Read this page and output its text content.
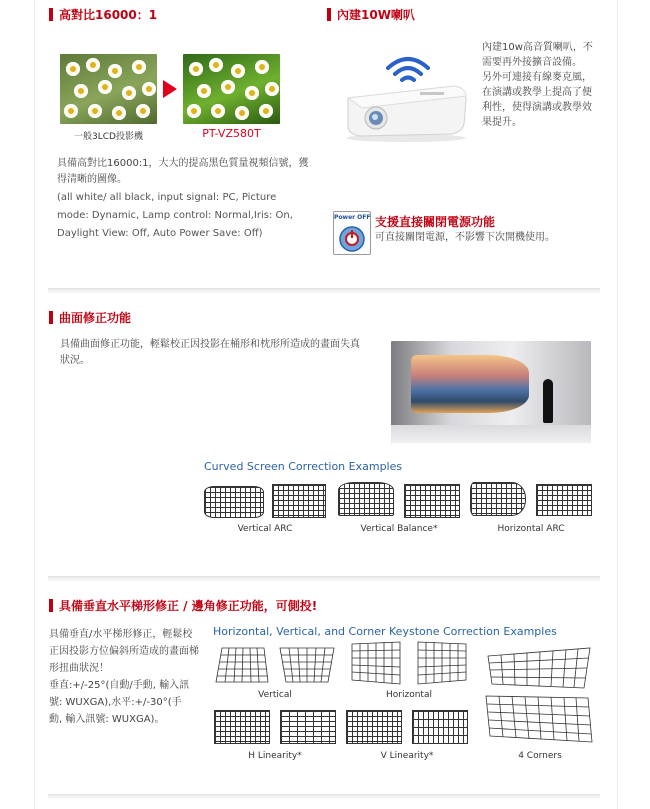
高對比16000：1
一般3LCD投影機	PT-VZ580T
具備高對比16000:1，大大的提高黑色質量視頻信號，獲得清晰的圖像。
(all white/ all black, input signal: PC, Picture
mode: Dynamic, Lamp control: Normal,Iris: On,
Daylight View: Off, Auto Power Save: Off)
內建10W喇叭
內建10w高音質喇叭，不
需要再外接擴音設備。
另外可連接有線麥克風，
在演講或教學上提高了便
利性，使得演講或教學效
果提升。
Power OFF 支援直接關閉電源功能
可直接關閉電源，不影響下次開機使用。
曲面修正功能
具備曲面修正功能，輕鬆校正因投影在桶形和枕形所造成的畫面失真
狀況。
Curved Screen Correction Examples
Vertical ARC	Vertical Balance*	Horizontal ARC
具備垂直水平梯形修正 / 邊角修正功能，可側投!
具備垂直/水平梯形修正，輕鬆校
正因投影方位偏斜所造成的畫面梯
形扭曲狀況！
垂直:+/-25°(自動/手動, 輸入訊
號: WUXGA),水平:+/-30°(手
動, 輸入訊號: WUXGA)。
Horizontal, Vertical, and Corner Keystone Correction Examples
Vertical	Horizontal
H Linearity*	V Linearity*	4 Corners
